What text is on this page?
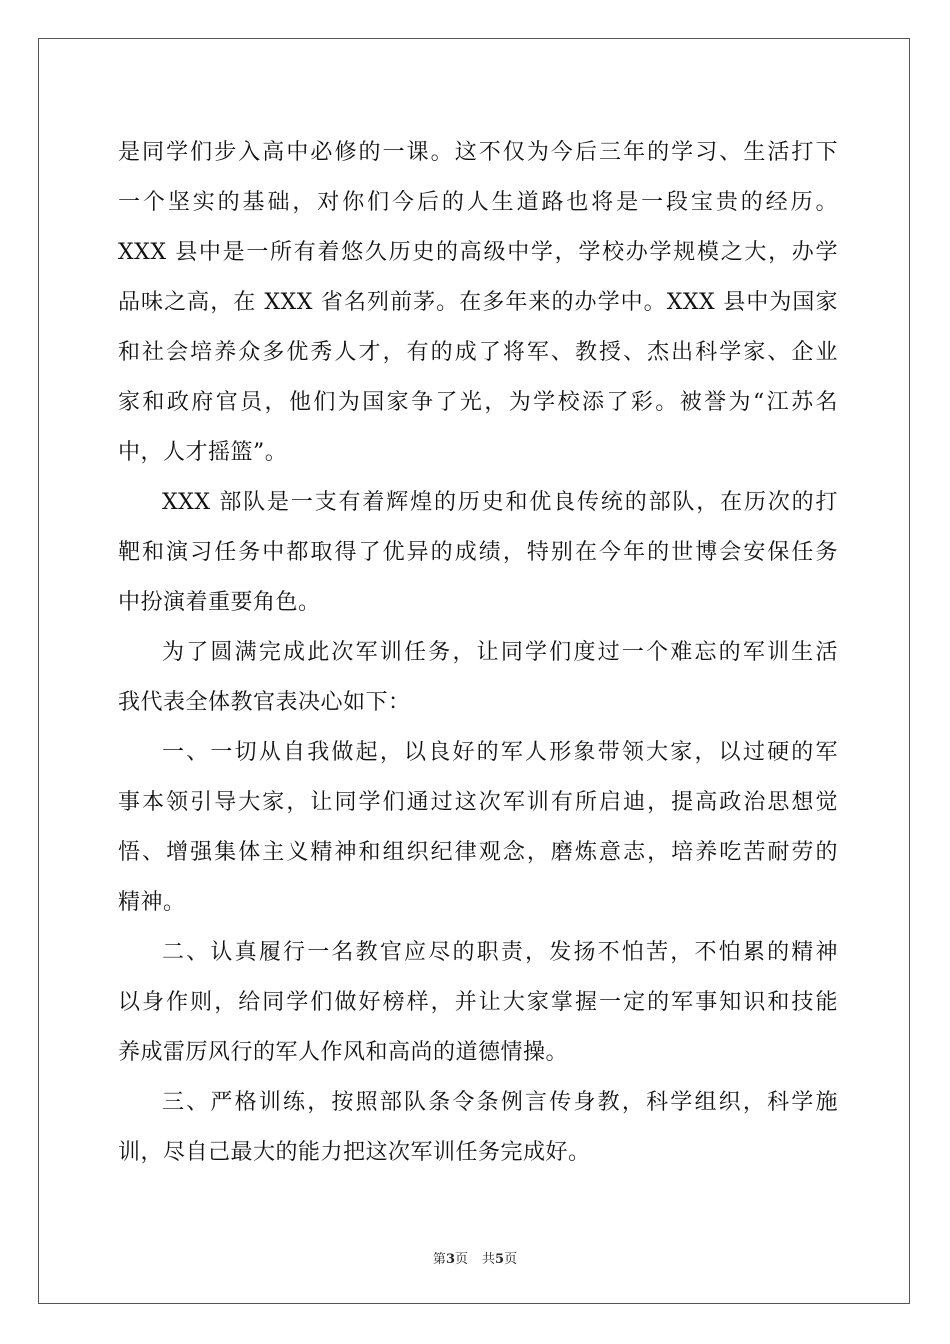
是同学们步入高中必修的一课。这不仅为今后三年的学习、生活打下
一个坚实的基础，对你们今后的人生道路也将是一段宝贵的经历。
XXX 县中是一所有着悠久历史的高级中学，学校办学规模之大，办学
品味之高，在 XXX 省名列前茅。在多年来的办学中。XXX 县中为国家
和社会培养众多优秀人才，有的成了将军、教授、杰出科学家、企业
家和政府官员，他们为国家争了光，为学校添了彩。被誉为“江苏名
中，人才摇篮”。
XXX 部队是一支有着辉煌的历史和优良传统的部队，在历次的打
靶和演习任务中都取得了优异的成绩，特别在今年的世博会安保任务
中扮演着重要角色。
为了圆满完成此次军训任务，让同学们度过一个难忘的军训生活
我代表全体教官表决心如下：
一、一切从自我做起，以良好的军人形象带领大家，以过硬的军
事本领引导大家，让同学们通过这次军训有所启迪，提高政治思想觉
悟、增强集体主义精神和组织纪律观念，磨炼意志，培养吃苦耐劳的
精神。
二、认真履行一名教官应尽的职责，发扬不怕苦，不怕累的精神
以身作则，给同学们做好榜样，并让大家掌握一定的军事知识和技能
养成雷厉风行的军人作风和高尚的道德情操。
三、严格训练，按照部队条令条例言传身教，科学组织，科学施
训，尽自己最大的能力把这次军训任务完成好。
第3页 共5页
